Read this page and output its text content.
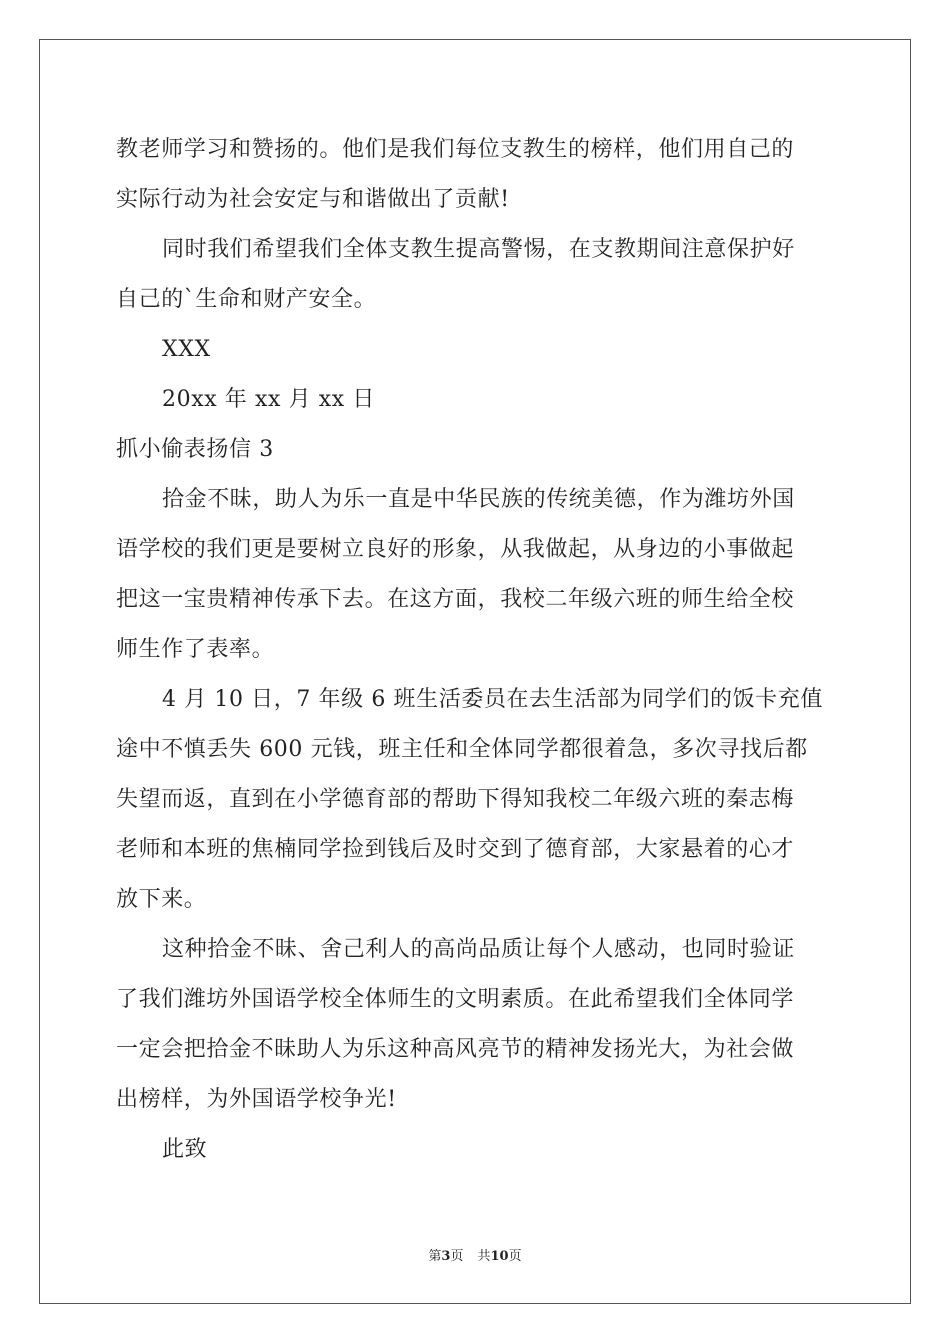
教老师学习和赞扬的。他们是我们每位支教生的榜样，他们用自己的
实际行动为社会安定与和谐做出了贡献!
同时我们希望我们全体支教生提高警惕，在支教期间注意保护好
自己的`生命和财产安全。
XXX
20xx 年 xx 月 xx 日
抓小偷表扬信 3
拾金不昧，助人为乐一直是中华民族的传统美德，作为潍坊外国
语学校的我们更是要树立良好的形象，从我做起，从身边的小事做起
把这一宝贵精神传承下去。在这方面，我校二年级六班的师生给全校
师生作了表率。
4 月 10 日，7 年级 6 班生活委员在去生活部为同学们的饭卡充值
途中不慎丢失 600 元钱，班主任和全体同学都很着急，多次寻找后都
失望而返，直到在小学德育部的帮助下得知我校二年级六班的秦志梅
老师和本班的焦楠同学捡到钱后及时交到了德育部，大家悬着的心才
放下来。
这种拾金不昧、舍己利人的高尚品质让每个人感动，也同时验证
了我们潍坊外国语学校全体师生的文明素质。在此希望我们全体同学
一定会把拾金不昧助人为乐这种高风亮节的精神发扬光大，为社会做
出榜样，为外国语学校争光!
此致
第3页 共10页
